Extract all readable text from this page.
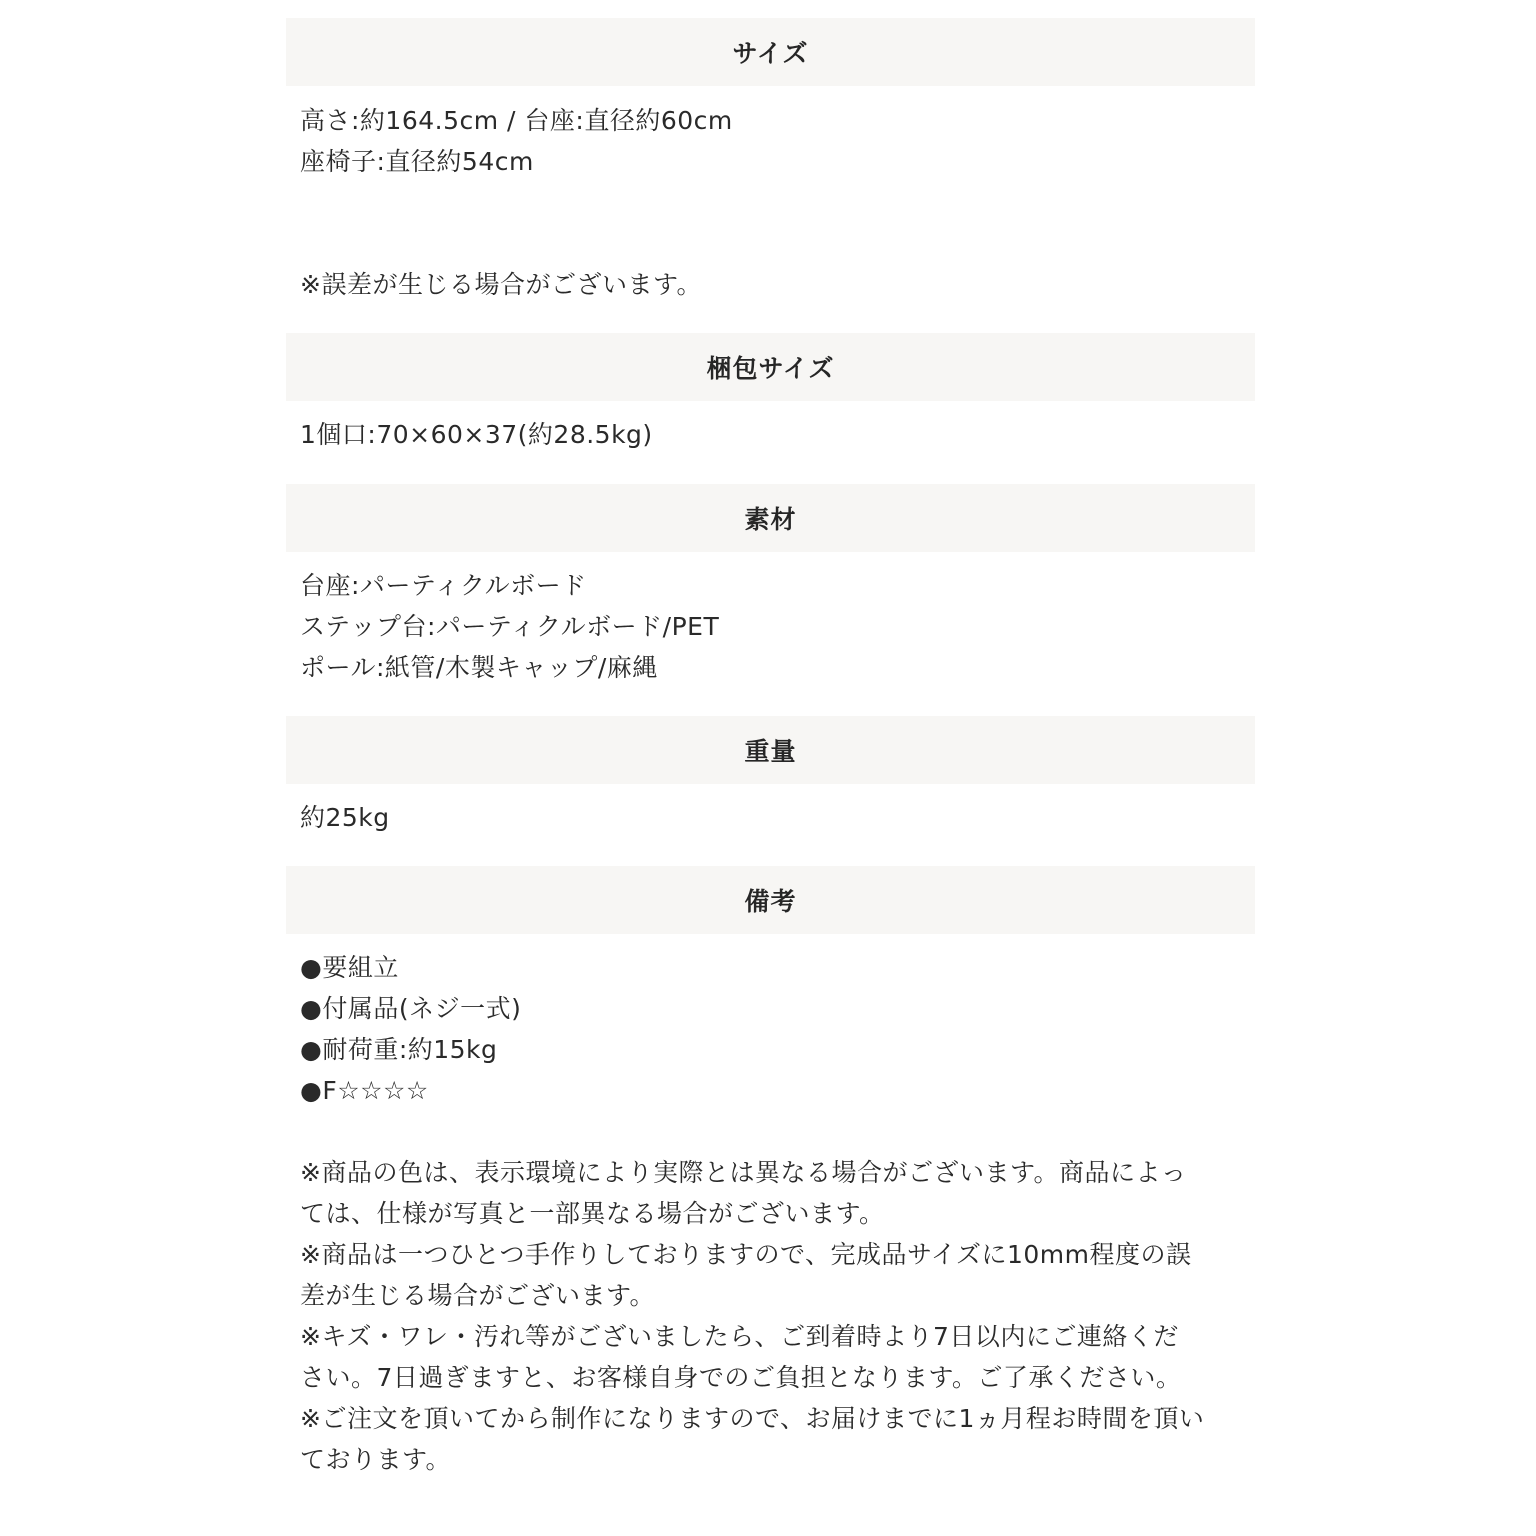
サイズ
高さ:約164.5cm / 台座:直径約60cm
座椅子:直径約54cm
※誤差が生じる場合がございます。
梱包サイズ
1個口:70×60×37(約28.5kg)
素材
台座:パーティクルボード
ステップ台:パーティクルボード/PET
ポール:紙管/木製キャップ/麻縄
重量
約25kg
備考
●要組立
●付属品(ネジ一式)
●耐荷重:約15kg
●F☆☆☆☆
※商品の色は、表示環境により実際とは異なる場合がございます。商品によっ
ては、仕様が写真と一部異なる場合がございます。
※商品は一つひとつ手作りしておりますので、完成品サイズに10mm程度の誤
差が生じる場合がございます。
※キズ・ワレ・汚れ等がございましたら、ご到着時より7日以内にご連絡くだ
さい。7日過ぎますと、お客様自身でのご負担となります。ご了承ください。
※ご注文を頂いてから制作になりますので、お届けまでに1ヵ月程お時間を頂い
ております。
